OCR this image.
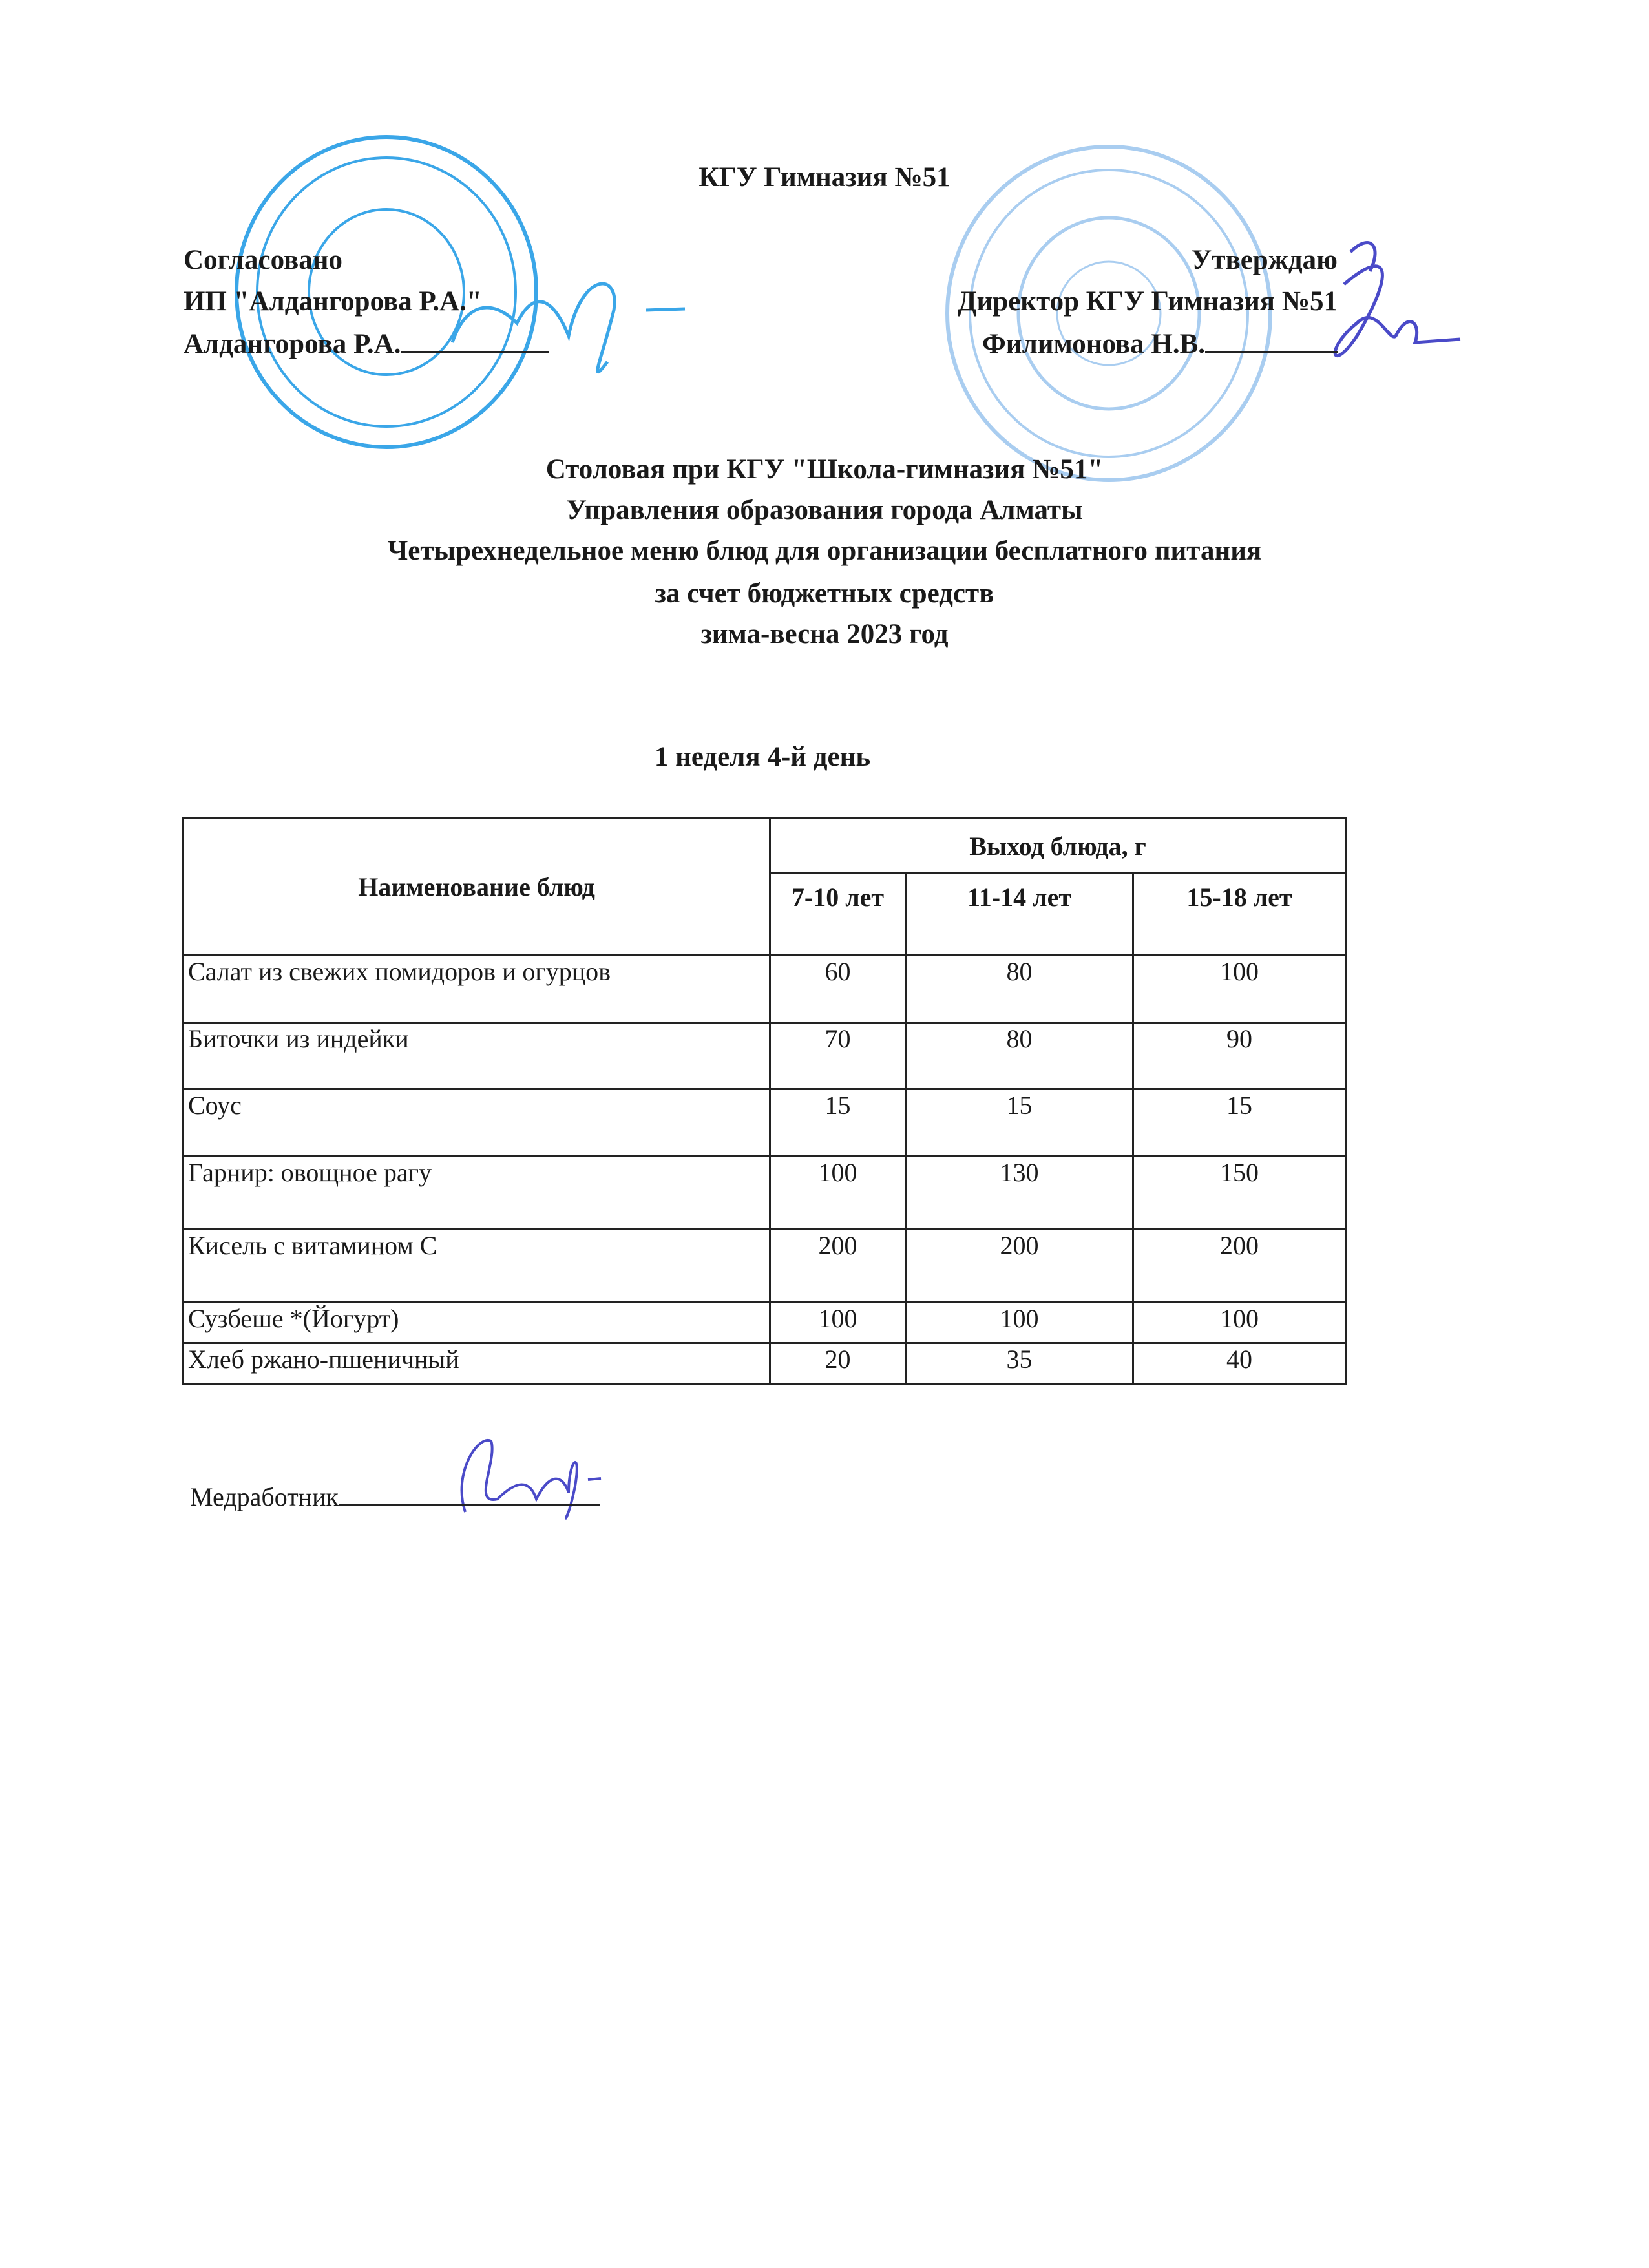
КГУ Гимназия №51
Согласовано
ИП "Алдангорова Р.А."
Алдангорова Р.А.
Утверждаю
Директор КГУ Гимназия №51
Филимонова Н.В.
Столовая при КГУ "Школа-гимназия №51"
Управления образования города Алматы
Четырехнедельное меню блюд для организации бесплатного питания
за счет бюджетных средств
зима-весна 2023 год
1 неделя 4-й день
Наименование блюд	Выход блюда, г		
	7-10 лет	11-14 лет	15-18 лет
Салат из свежих помидоров и огурцов	60	80	100
Биточки из индейки	70	80	90
Соус	15	15	15
Гарнир: овощное рагу	100	130	150
Кисель с витамином С	200	200	200
Сузбеше *(Йогурт)	100	100	100
Хлеб ржано-пшеничный	20	35	40
Медработник
